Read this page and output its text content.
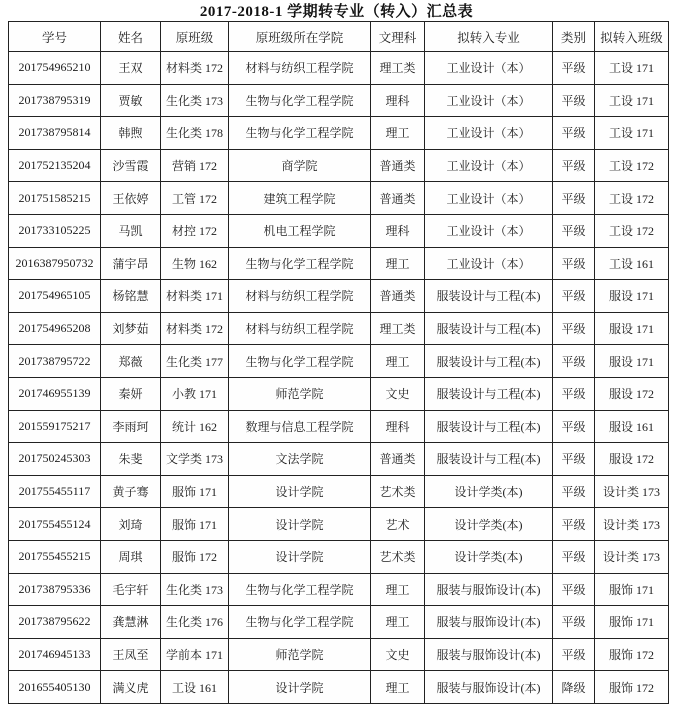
2017-2018-1 学期转专业（转入）汇总表
学号	姓名	原班级	原班级所在学院	文理科	拟转入专业	类别	拟转入班级
201754965210	王双	材料类 172	材料与纺织工程学院	理工类	工业设计（本）	平级	工设 171
201738795319	贾敏	生化类 173	生物与化学工程学院	理科	工业设计（本）	平级	工设 171
201738795814	韩煦	生化类 178	生物与化学工程学院	理工	工业设计（本）	平级	工设 171
201752135204	沙雪霞	营销 172	商学院	普通类	工业设计（本）	平级	工设 172
201751585215	王依婷	工管 172	建筑工程学院	普通类	工业设计（本）	平级	工设 172
201733105225	马凯	材控 172	机电工程学院	理科	工业设计（本）	平级	工设 172
2016387950732	蒲宇昂	生物 162	生物与化学工程学院	理工	工业设计（本）	平级	工设 161
201754965105	杨铭慧	材料类 171	材料与纺织工程学院	普通类	服装设计与工程(本)	平级	服设 171
201754965208	刘梦茹	材料类 172	材料与纺织工程学院	理工类	服装设计与工程(本)	平级	服设 171
201738795722	郑薇	生化类 177	生物与化学工程学院	理工	服装设计与工程(本)	平级	服设 171
201746955139	秦妍	小教 171	师范学院	文史	服装设计与工程(本)	平级	服设 172
201559175217	李雨珂	统计 162	数理与信息工程学院	理科	服装设计与工程(本)	平级	服设 161
201750245303	朱斐	文学类 173	文法学院	普通类	服装设计与工程(本)	平级	服设 172
201755455117	黄子骞	服饰 171	设计学院	艺术类	设计学类(本)	平级	设计类 173
201755455124	刘琦	服饰 171	设计学院	艺术	设计学类(本)	平级	设计类 173
201755455215	周琪	服饰 172	设计学院	艺术类	设计学类(本)	平级	设计类 173
201738795336	毛宇轩	生化类 173	生物与化学工程学院	理工	服装与服饰设计(本)	平级	服饰 171
201738795622	龚慧淋	生化类 176	生物与化学工程学院	理工	服装与服饰设计(本)	平级	服饰 171
201746945133	王凤至	学前本 171	师范学院	文史	服装与服饰设计(本)	平级	服饰 172
201655405130	满义虎	工设 161	设计学院	理工	服装与服饰设计(本)	降级	服饰 172
